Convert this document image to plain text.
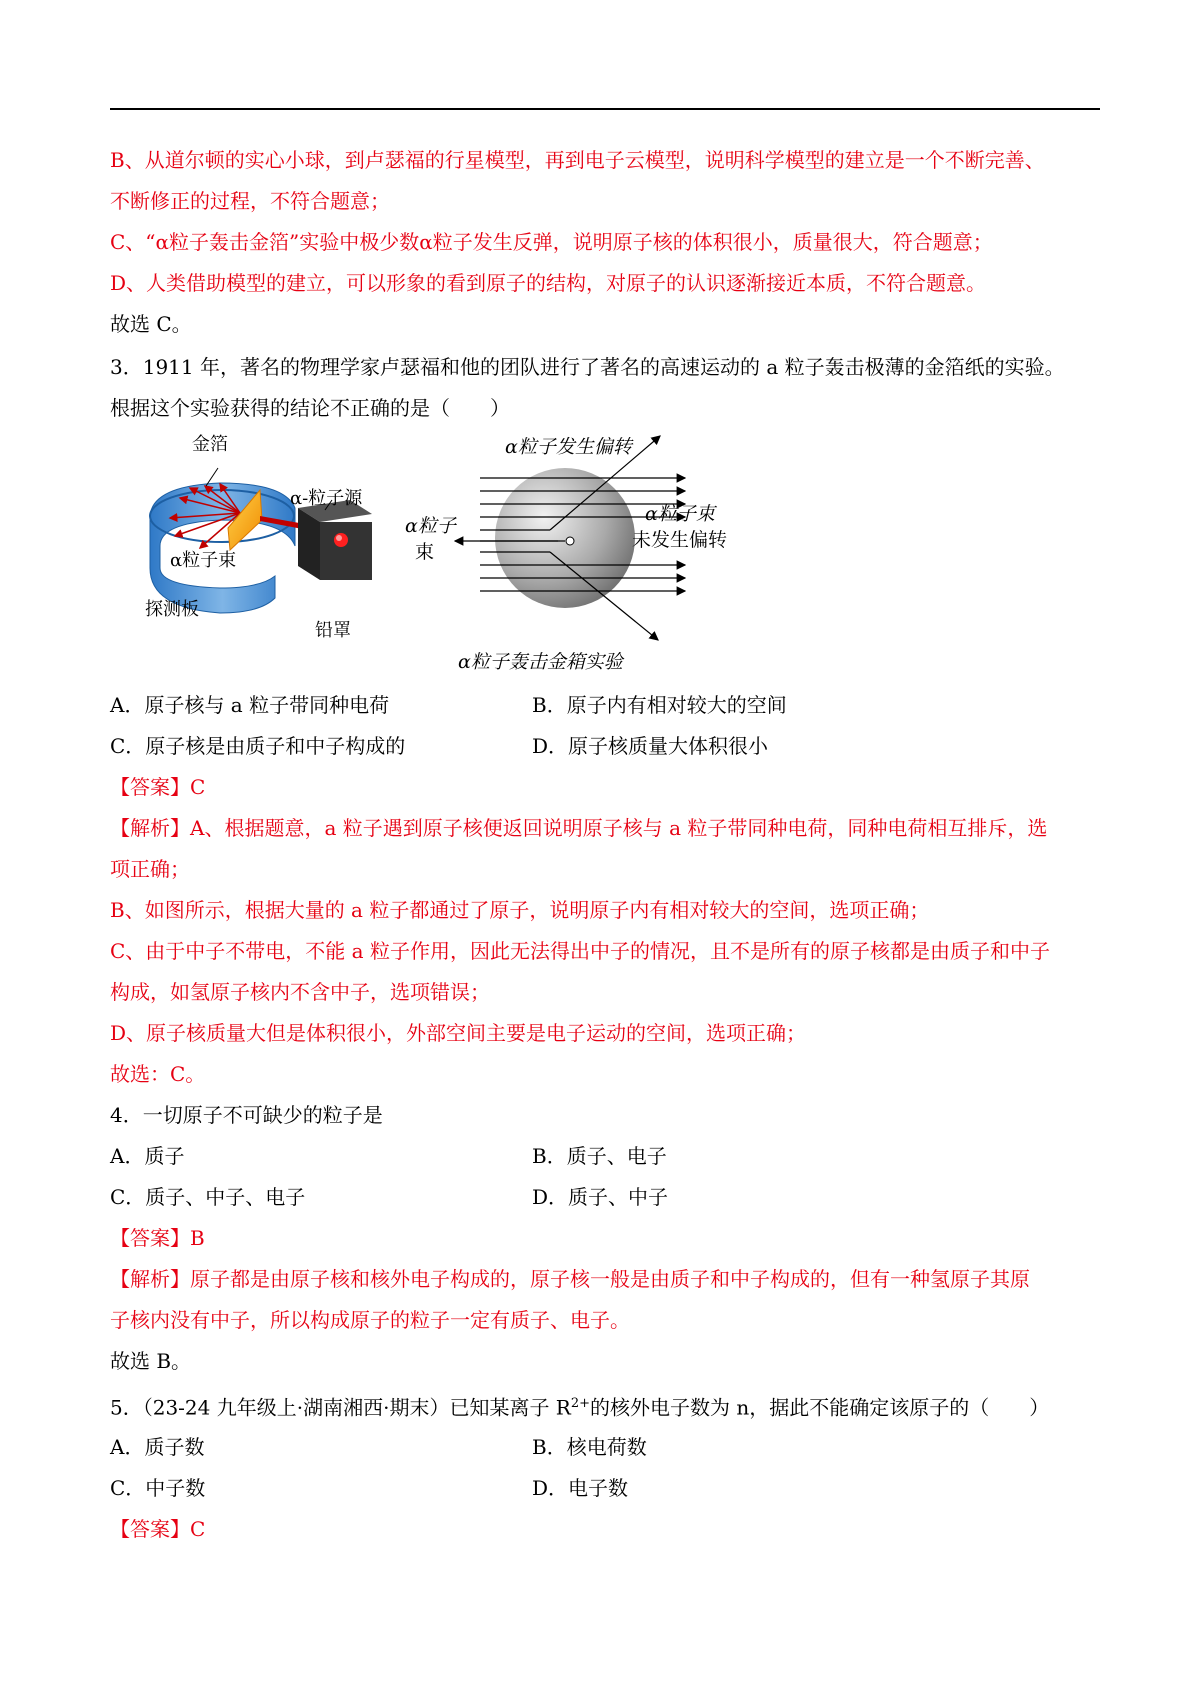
B、从道尔顿的实心小球，到卢瑟福的行星模型，再到电子云模型，说明科学模型的建立是一个不断完善、
不断修正的过程，不符合题意；
C、“α粒子轰击金箔”实验中极少数α粒子发生反弹，说明原子核的体积很小，质量很大，符合题意；
D、人类借助模型的建立，可以形象的看到原子的结构，对原子的认识逐渐接近本质，不符合题意。
故选 C。
3．1911 年，著名的物理学家卢瑟福和他的团队进行了著名的高速运动的 a 粒子轰击极薄的金箔纸的实验。
根据这个实验获得的结论不正确的是（　　）
金箔
α-粒子源
α粒子束
探测板
铅罩
α粒子发生偏转
α粒子
束
α粒子束
未发生偏转
α粒子轰击金箱实验
A．原子核与 a 粒子带同种电荷	B．原子内有相对较大的空间
C．原子核是由质子和中子构成的	D．原子核质量大体积很小
【答案】C
【解析】A、根据题意，a 粒子遇到原子核便返回说明原子核与 a 粒子带同种电荷，同种电荷相互排斥，选
项正确；
B、如图所示，根据大量的 a 粒子都通过了原子，说明原子内有相对较大的空间，选项正确；
C、由于中子不带电，不能 a 粒子作用，因此无法得出中子的情况，且不是所有的原子核都是由质子和中子
构成，如氢原子核内不含中子，选项错误；
D、原子核质量大但是体积很小，外部空间主要是电子运动的空间，选项正确；
故选：C。
4．一切原子不可缺少的粒子是
A．质子	B．质子、电子
C．质子、中子、电子	D．质子、中子
【答案】B
【解析】原子都是由原子核和核外电子构成的，原子核一般是由质子和中子构成的，但有一种氢原子其原
子核内没有中子，所以构成原子的粒子一定有质子、电子。
故选 B。
5．（23-24 九年级上·湖南湘西·期末）已知某离子 $R^{2+}$的核外电子数为 n，据此不能确定该原子的（　　）
A．质子数	B．核电荷数
C．中子数	D．电子数
【答案】C
